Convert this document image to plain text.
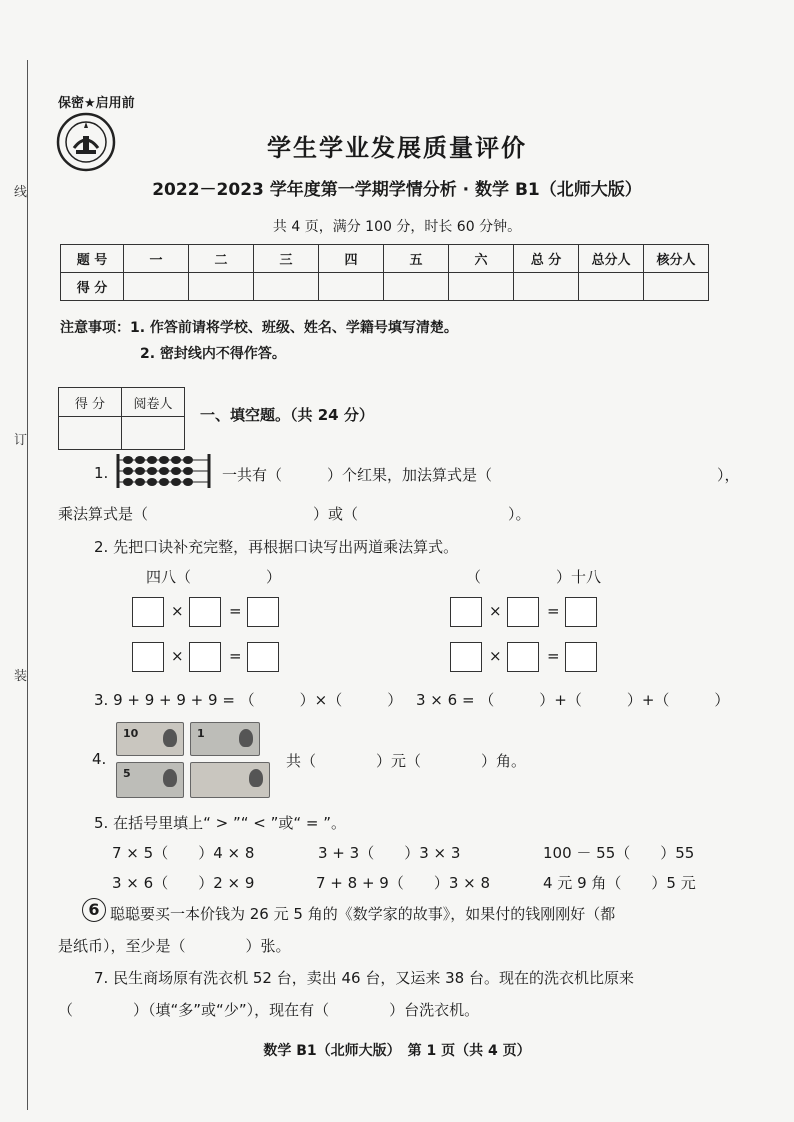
线
订
装
保密★启用前
学生学业发展质量评价
2022－2023 学年度第一学期学情分析 · 数学 B1（北师大版）
共 4 页，满分 100 分，时长 60 分钟。
题 号	一	二	三	四	五	六	总 分	总分人	核分人
得 分									
注意事项：1. 作答前请将学校、班级、姓名、学籍号填写清楚。
2. 密封线内不得作答。
得 分	阅卷人

一、填空题。（共 24 分）
1.	一共有（　　　）个红果，加法算式是（　　　　　　　　　　　　　　　），
乘法算式是（　　　　　　　　　　　）或（　　　　　　　　　　）。
2. 先把口诀补充完整，再根据口诀写出两道乘法算式。
四八（　　　　　）	（　　　　　）十八
×	=
×	=
×	=
×	=
3. 9 + 9 + 9 + 9 = （　　　）×（　　　） 3 × 6 = （　　　）+（　　　）+（　　　）
4.
10	1
5
共（　　　　）元（　　　　）角。
5. 在括号里填上“ > ”“ < ”或“ = ”。
7 × 5（　　）4 × 8	3 + 3（　　）3 × 3	100 － 55（　　）55
3 × 6（　　）2 × 9	7 + 8 + 9（　　）3 × 8	4 元 9 角（　　）5 元
6 聪聪要买一本价钱为 26 元 5 角的《数学家的故事》，如果付的钱刚刚好（都
是纸币），至少是（　　　　）张。
7. 民生商场原有洗衣机 52 台，卖出 46 台，又运来 38 台。现在的洗衣机比原来
（　　　　）（填“多”或“少”），现在有（　　　　）台洗衣机。
数学 B1（北师大版）　第 1 页（共 4 页）
